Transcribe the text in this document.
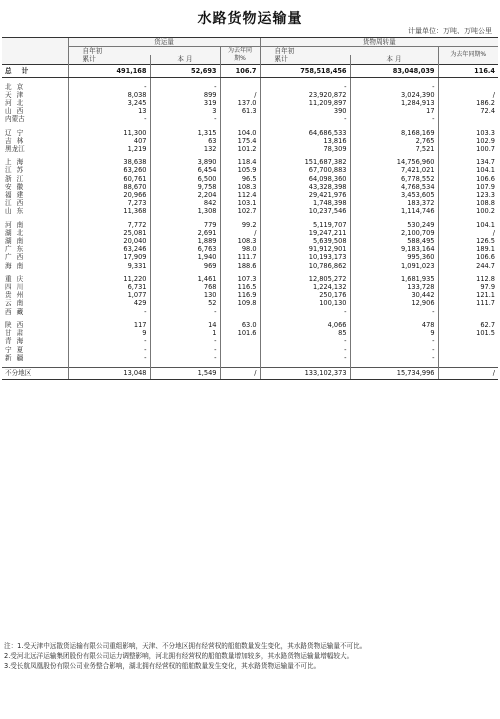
水路货物运输量
计量单位：万吨、万吨公里
	货运量			货物周转量		
	自年初		为去年同期%	自年初		为去年同期%
	累计	本 月		累计	本 月	
总计	491,168	52,693	106.7	758,518,456	83,048,039	116.4

北京	-	-		-	-	
天津	8,038	899	/	23,920,872	3,024,390	/
河北	3,245	319	137.0	11,209,897	1,284,913	186.2
山西	13	3	61.3	390	17	72.4
内蒙古	-	-		-	-	

辽宁	11,300	1,315	104.0	64,686,533	8,168,169	103.3
吉林	407	63	175.4	13,816	2,765	102.9
黑龙江	1,219	132	101.2	78,309	7,521	100.7

上海	38,638	3,890	118.4	151,687,382	14,756,960	134.7
江苏	63,260	6,454	105.9	67,700,883	7,421,021	104.1
浙江	60,761	6,500	96.5	64,098,360	6,778,552	106.6
安徽	88,670	9,758	108.3	43,328,398	4,768,534	107.9
福建	20,966	2,204	112.4	29,421,976	3,453,605	123.3
江西	7,273	842	103.1	1,748,398	183,372	108.8
山东	11,368	1,308	102.7	10,237,546	1,114,746	100.2

河南	7,772	779	99.2	5,119,707	530,249	104.1
湖北	25,081	2,691	/	19,247,211	2,100,709	/
湖南	20,040	1,889	108.3	5,639,508	588,495	126.5
广东	63,246	6,763	98.0	91,912,901	9,183,164	189.1
广西	17,909	1,940	111.7	10,193,173	995,360	106.6
海南	9,331	969	188.6	10,786,862	1,091,023	244.7

重庆	11,220	1,461	107.3	12,805,272	1,681,935	112.8
四川	6,731	768	116.5	1,224,132	133,728	97.9
贵州	1,077	130	116.9	250,176	30,442	121.1
云南	429	52	109.8	100,130	12,906	111.7
西藏	-	-		-	-	

陕西	117	14	63.0	4,066	478	62.7
甘肃	9	1	101.6	85	9	101.5
青海	-	-		-	-	
宁夏	-	-		-	-	
新疆	-	-		-	-	

不分地区	13,048	1,549	/	133,102,373	15,734,996	/
注：1.受天津中远散货运输有限公司重组影响，天津、不分地区拥有经营权的船舶数量发生变化，其水路货物运输量不可比。
2.受河北远洋运输集团股份有限公司运力调整影响，河北拥有经营权的船舶数量增加较多，其水路货物运输量增幅较大。
3.受长航凤凰股份有限公司业务整合影响，湖北拥有经营权的船舶数量发生变化，其水路货物运输量不可比。
